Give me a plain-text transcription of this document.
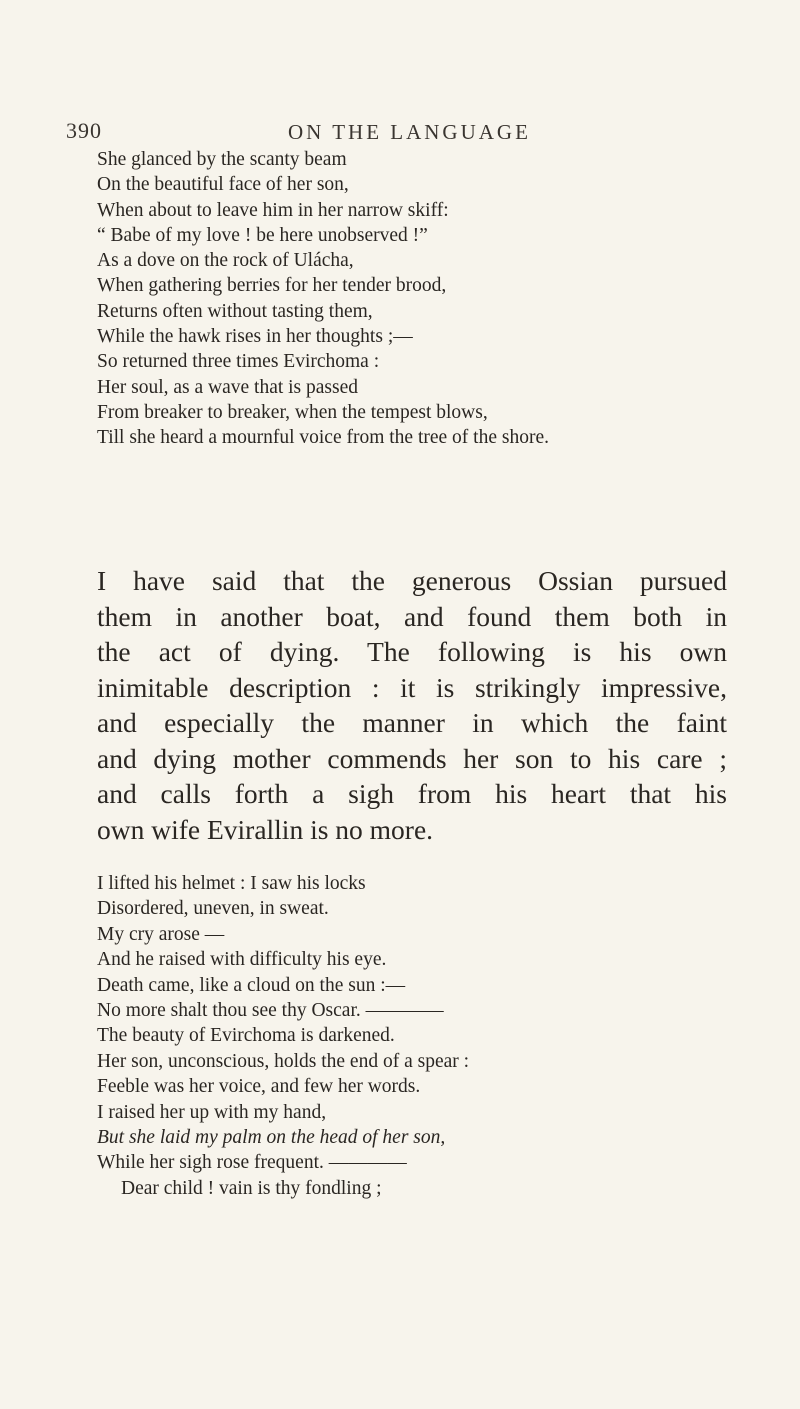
390	ON THE LANGUAGE
She glanced by the scanty beam
On the beautiful face of her son,
When about to leave him in her narrow skiff:
“ Babe of my love ! be here unobserved !”
As a dove on the rock of Ulácha,
When gathering berries for her tender brood,
Returns often without tasting them,
While the hawk rises in her thoughts ;—
So returned three times Evirchoma :
Her soul, as a wave that is passed
From breaker to breaker, when the tempest blows,
Till she heard a mournful voice from the tree of the shore.
I have said that the generous Ossian pursued
them in another boat, and found them both in
the act of dying. The following is his own
inimitable description : it is strikingly impressive,
and especially the manner in which the faint
and dying mother commends her son to his care ;
and calls forth a sigh from his heart that his
own wife Evirallin is no more.
I lifted his helmet : I saw his locks
Disordered, uneven, in sweat.
My cry arose —
And he raised with difficulty his eye.
Death came, like a cloud on the sun :—
No more shalt thou see thy Oscar. ————
The beauty of Evirchoma is darkened.
Her son, unconscious, holds the end of a spear :
Feeble was her voice, and few her words.
I raised her up with my hand,
But she laid my palm on the head of her son,
While her sigh rose frequent. ————
Dear child ! vain is thy fondling ;
